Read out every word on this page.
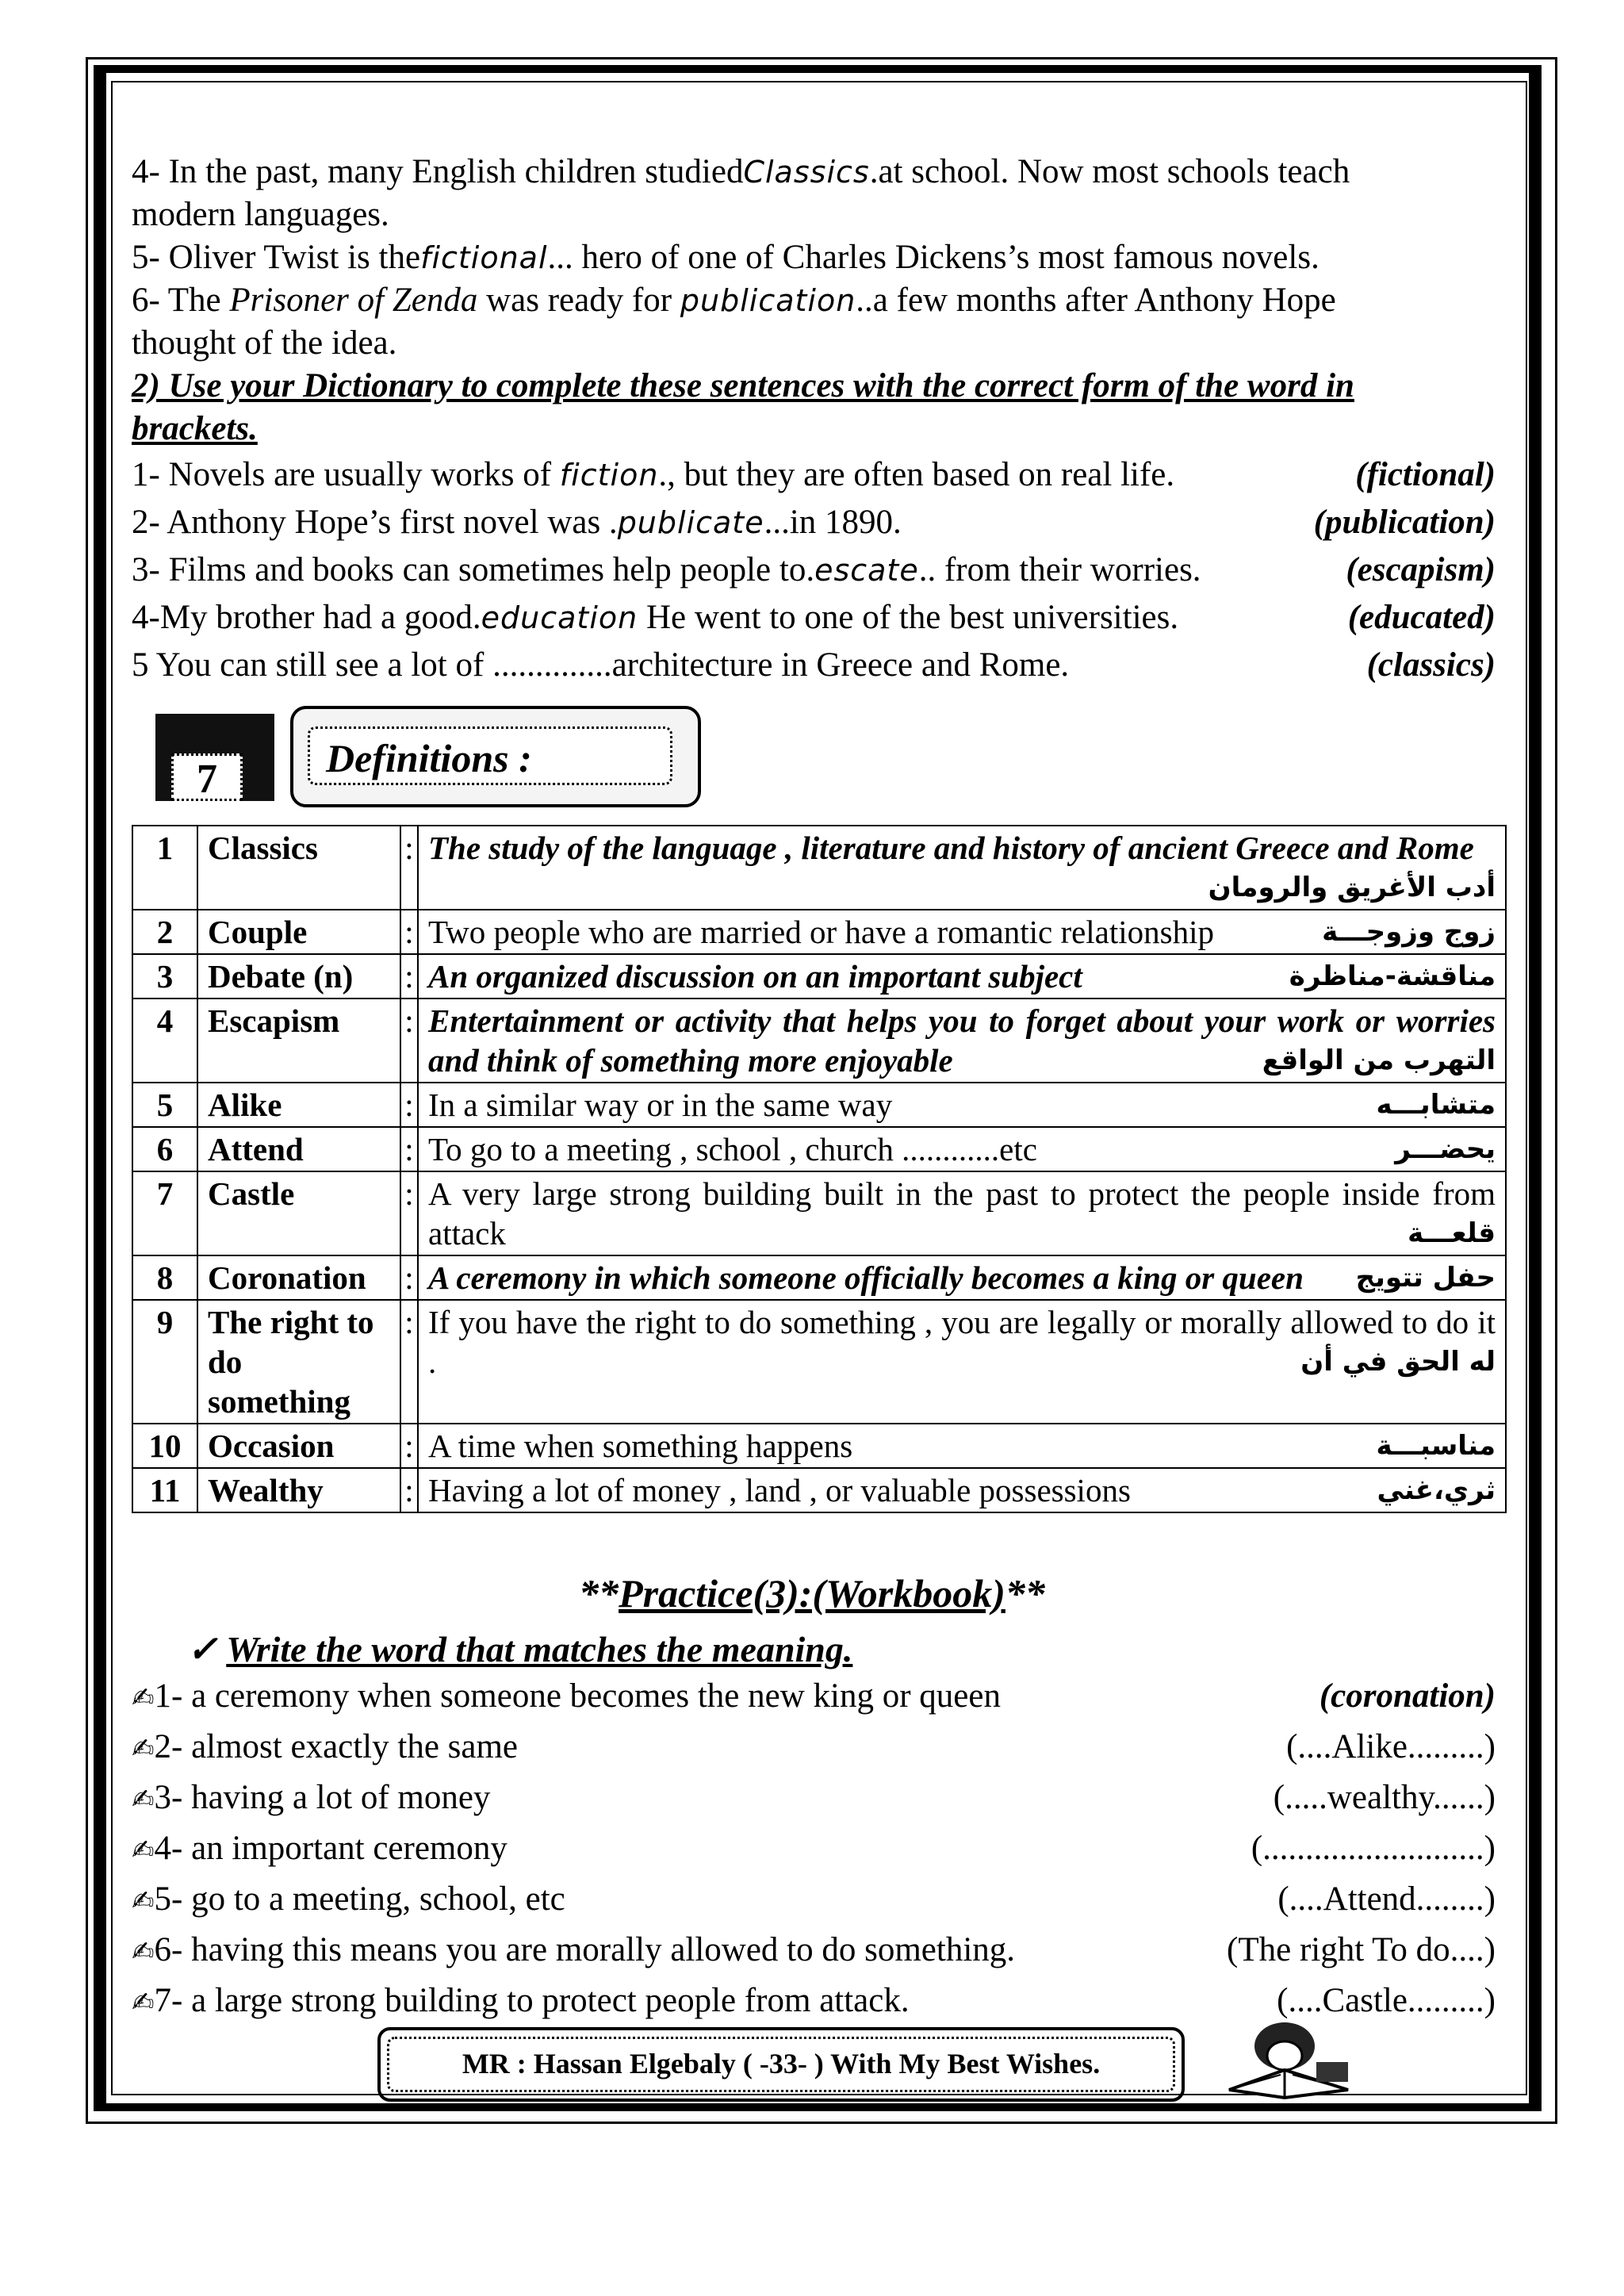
4- In the past, many English children studiedClassics.at school. Now most schools teach
modern languages.
5- Oliver Twist is thefictional... hero of one of Charles Dickens’s most famous novels.
6- The Prisoner of Zenda was ready for publication..a few months after Anthony Hope
thought of the idea.
2) Use your Dictionary to complete these sentences with the correct form of the word in
brackets.
1- Novels are usually works of fiction., but they are often based on real life.	(fictional)
2- Anthony Hope’s first novel was .publicate...in 1890.	(publication)
3- Films and books can sometimes help people to.escate.. from their worries.	(escapism)
4-My brother had a good.education He went to one of the best universities.	(educated)
5 You can still see a lot of ..............architecture in Greece and Rome.	(classics)
7	Definitions :
1	Classics	:	The study of the language , literature and history of ancient Greece and Rome
أدب الأغريق والرومان

2	Couple	:	Two people who are married or have a romantic relationship زوج وزوجـــة

3	Debate (n)	:	An organized discussion on an important subject مناقشة-مناظرة

4	Escapism	:	Entertainment or activity that helps you to forget about your work or worries and think of something more enjoyable التهرب من الواقع

5	Alike	:	In a similar way or in the same way متشابـــه

6	Attend	:	To go to a meeting , school , church ............etc يحضـــر

7	Castle	:	A very large strong building built in the past to protect the people inside from attack قلعـــة

8	Coronation	:	A ceremony in which someone officially becomes a king or queen حفل تتويج

9	The right to do something	:	If you have the right to do something , you are legally or morally allowed to do it . له الحق في أن

10	Occasion	:	A time when something happens مناسبـــة

11	Wealthy	:	Having a lot of money , land , or valuable possessions ثري،غني
**Practice(3):(Workbook)**
✓ Write the word that matches the meaning.
✍1- a ceremony when someone becomes the new king or queen	(coronation)
✍2- almost exactly the same	(....Alike.........)
✍3- having a lot of money	(.....wealthy......)
✍4- an important ceremony	(..........................)
✍5- go to a meeting, school, etc	(....Attend........)
✍6- having this means you are morally allowed to do something.	(The right To do....)
✍7- a large strong building to protect people from attack.	(....Castle.........)
MR : Hassan Elgebaly ( -33- ) With My Best Wishes.
